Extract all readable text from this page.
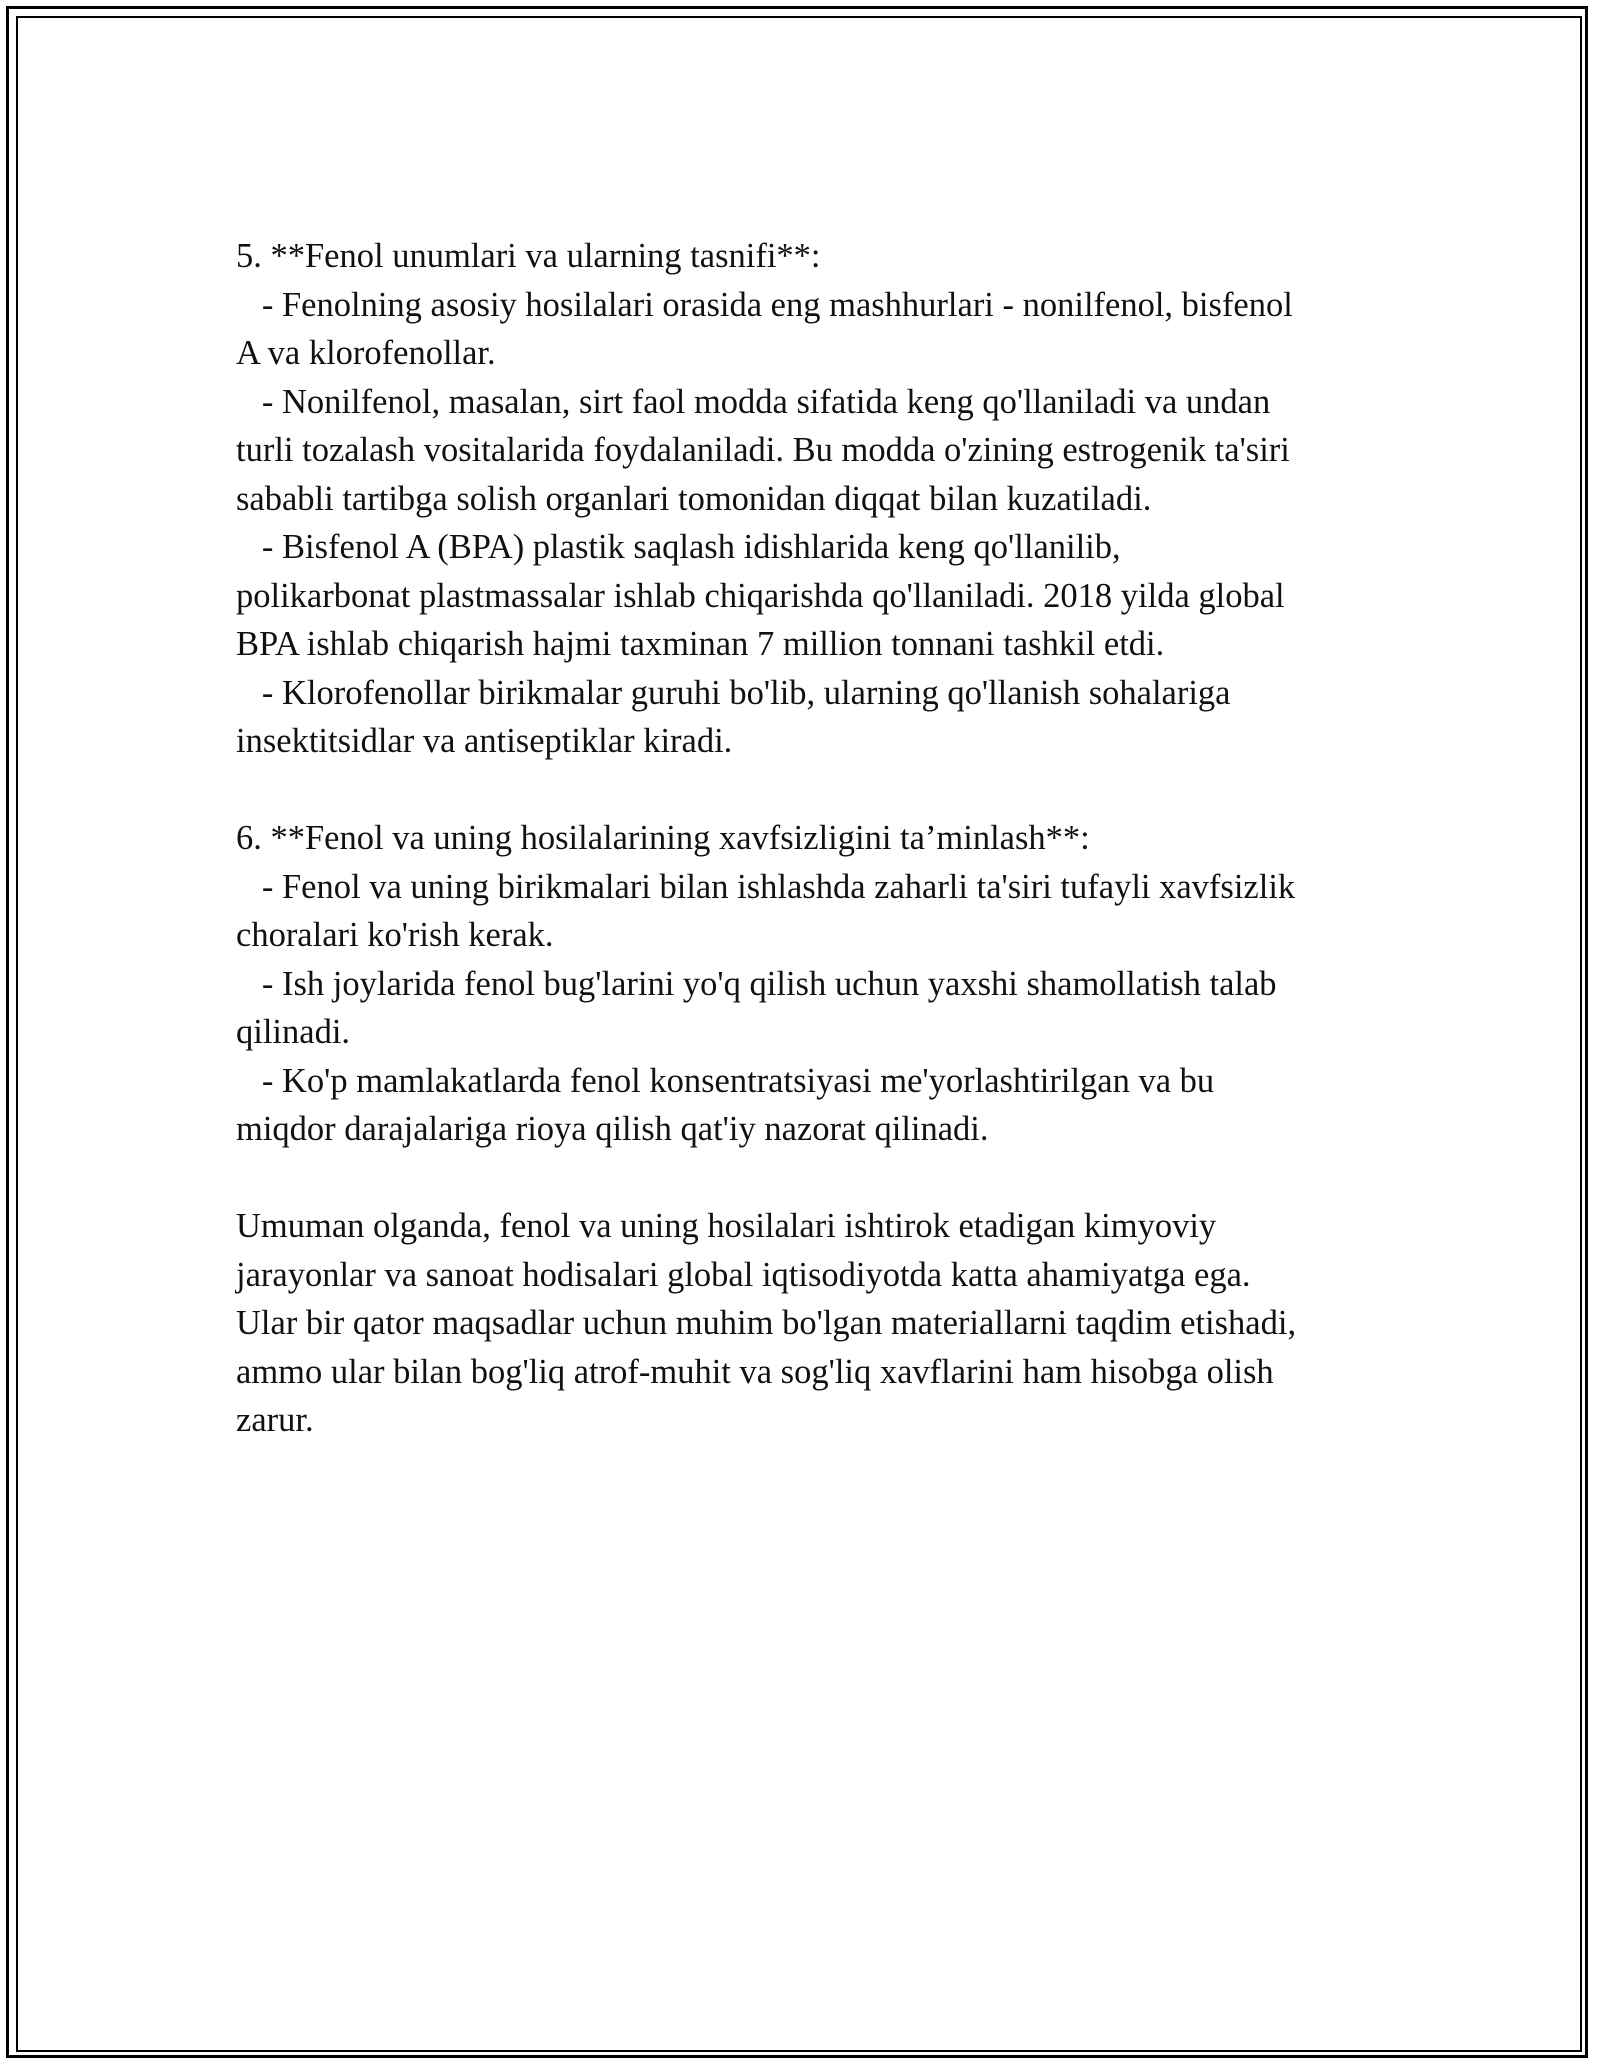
5. **Fenol unumlari va ularning tasnifi**:
- Fenolning asosiy hosilalari orasida eng mashhurlari - nonilfenol, bisfenol
A va klorofenollar.
- Nonilfenol, masalan, sirt faol modda sifatida keng qo'llaniladi va undan
turli tozalash vositalarida foydalaniladi. Bu modda o'zining estrogenik ta'siri
sababli tartibga solish organlari tomonidan diqqat bilan kuzatiladi.
- Bisfenol A (BPA) plastik saqlash idishlarida keng qo'llanilib,
polikarbonat plastmassalar ishlab chiqarishda qo'llaniladi. 2018 yilda global
BPA ishlab chiqarish hajmi taxminan 7 million tonnani tashkil etdi.
- Klorofenollar birikmalar guruhi bo'lib, ularning qo'llanish sohalariga
insektitsidlar va antiseptiklar kiradi.
6. **Fenol va uning hosilalarining xavfsizligini ta’minlash**:
- Fenol va uning birikmalari bilan ishlashda zaharli ta'siri tufayli xavfsizlik
choralari ko'rish kerak.
- Ish joylarida fenol bug'larini yo'q qilish uchun yaxshi shamollatish talab
qilinadi.
- Ko'p mamlakatlarda fenol konsentratsiyasi me'yorlashtirilgan va bu
miqdor darajalariga rioya qilish qat'iy nazorat qilinadi.
Umuman olganda, fenol va uning hosilalari ishtirok etadigan kimyoviy
jarayonlar va sanoat hodisalari global iqtisodiyotda katta ahamiyatga ega.
Ular bir qator maqsadlar uchun muhim bo'lgan materiallarni taqdim etishadi,
ammo ular bilan bog'liq atrof-muhit va sog'liq xavflarini ham hisobga olish
zarur.
